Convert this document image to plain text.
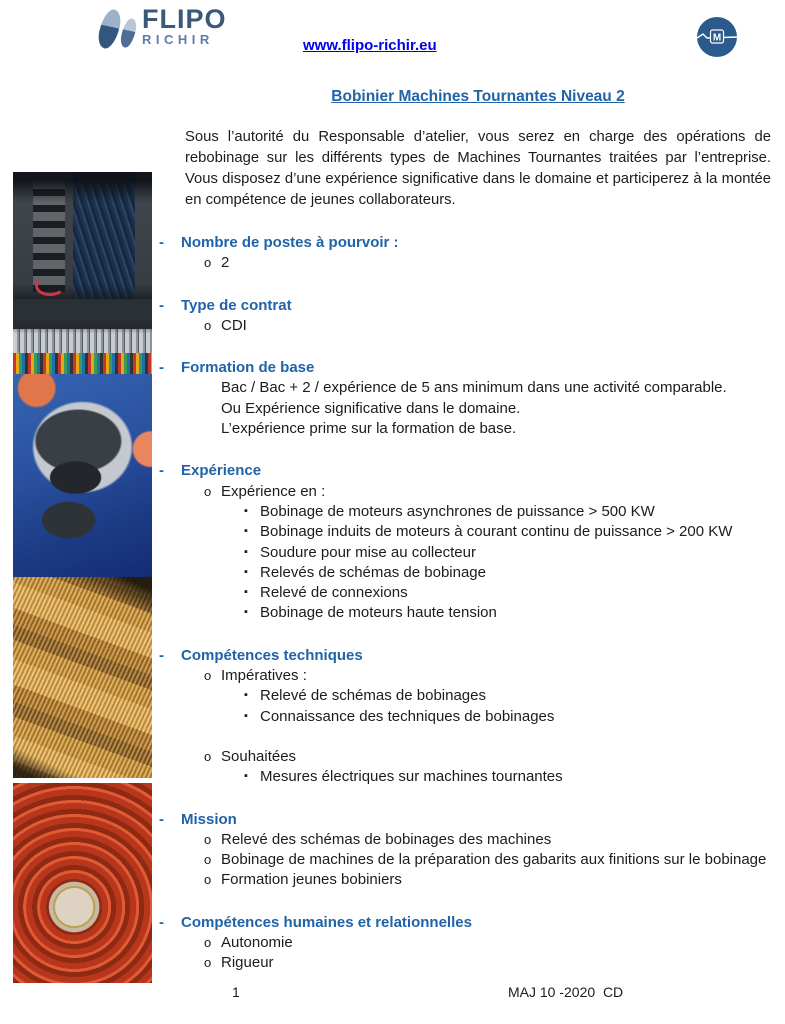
FLIPO
RICHIR	www.flipo-richir.eu	M
Bobinier Machines Tournantes Niveau 2

Sous l’autorité du Responsable d’atelier, vous serez en charge des opérations de rebobinage sur les différents types de Machines Tournantes traitées par l’entreprise. Vous disposez d’une expérience significative dans le domaine et participerez à la montée en compétence de jeunes collaborateurs.

-	Nombre de postes à pourvoir :
o 2
-	Type de contrat
o CDI
-	Formation de base
Bac / Bac + 2 / expérience de 5 ans minimum dans une activité comparable.
Ou Expérience significative dans le domaine.
L’expérience prime sur la formation de base.
-	Expérience
o Expérience en :
▪ Bobinage de moteurs asynchrones de puissance > 500 KW
▪ Bobinage induits de moteurs à courant continu de puissance > 200 KW
▪ Soudure pour mise au collecteur
▪ Relevés de schémas de bobinage
▪ Relevé de connexions
▪ Bobinage de moteurs haute tension
-	Compétences techniques
o Impératives :
▪ Relevé de schémas de bobinages
▪ Connaissance des techniques de bobinages
o Souhaitées
▪ Mesures électriques sur machines tournantes
-	Mission
o Relevé des schémas de bobinages des machines
o Bobinage de machines de la préparation des gabarits aux finitions sur le bobinage
o Formation jeunes bobiniers
-	Compétences humaines et relationnelles
o Autonomie
o Rigueur
1	MAJ 10 -2020  CD
